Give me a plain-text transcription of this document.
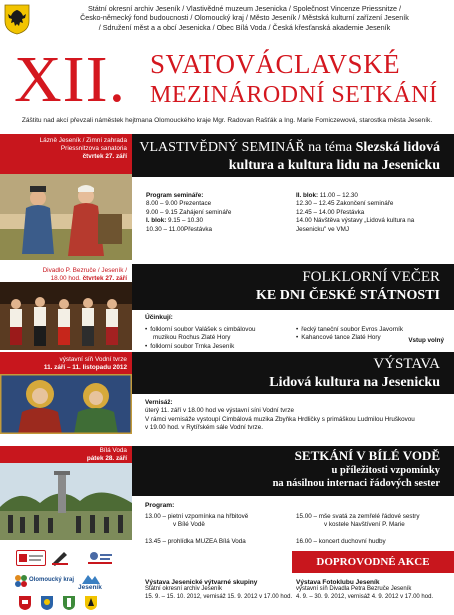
Státní okresní archiv Jeseník / Vlastivědné muzeum Jesenicka / Společnost Vincenze Priessnitze /
Česko-německý fond budoucnosti / Olomoucký kraj / Město Jeseník / Městská kulturní zařízení Jeseník
/ Sdružení měst a a obcí Jesenicka / Obec Bílá Voda / Česká křesťanská akademie Jeseník
XII. SVATOVÁCLAVSKÉ
MEZINÁRODNÍ SETKÁNÍ
Záštitu nad akcí převzali náměstek hejtmana Olomouckého kraje Mgr. Radovan Rašťák a Ing. Marie Fomiczewová, starostka města Jeseník.
Lázně Jeseník / Zimní zahrada
Priessnitzova sanatoria
čtvrtek 27. září
VLASTIVĚDNÝ SEMINÁŘ na téma Slezská lidová
kultura a kultura lidu na Jesenicku
Program semináře:
8.00 – 9.00 Prezentace
9.00 – 9.15 Zahájení semináře
I. blok: 9.15 – 10.30
10.30 – 11.00Přestávka
II. blok: 11.00 – 12.30
12.30 – 12.45 Zakončení semináře
12.45 – 14.00 Přestávka
14.00 Návštěva výstavy „Lidová kultura na
Jesenicku" ve VMJ
Divadlo P. Bezruče / Jeseník /
18.00 hod. čtvrtek 27. září	FOLKLORNÍ VEČER
KE DNI ČESKÉ STÁTNOSTI
Účinkují:
• folklorní soubor Valášek s cimbálovou
muzikou Rochus Zlaté Hory
• folklorní soubor Trnka Jeseník
• řecký taneční soubor Evros Javorník
• Kahancové tance Zlaté Hory	Vstup volný
výstavní síň Vodní tvrze
11. září – 11. listopadu 2012	VÝSTAVA
Lidová kultura na Jesenicku
Vernisáž:
úterý 11. září v 18.00 hod ve výstavní síni Vodní tvrze
V rámci vernisáže vystoupí Cimbálová muzika Zbyňka Hrdličky s primáškou Ludmilou Hruškovou
v 19.00 hod. v Rytířském sále Vodní tvrze.
Bílá Voda
pátek 28. září	SETKÁNÍ V BÍLÉ VODĚ
u příležitosti vzpomínky
na násilnou internaci řádových sester
Program:
13.00 – pietní vzpomínka na hřbitově
v Bílé Vodě
13.45 – prohlídka MUZEA Bílá Voda
15.00 – mše svatá za zemřelé řádové sestry
v kostele Navštívení P. Marie
16.00 – koncert duchovní hudby
Olomoucký kraj
Jeseník
DOPROVODNÉ AKCE
Výstava Jesenické výtvarné skupiny
Státní okresní archiv Jeseník
15. 9. – 15. 10. 2012, vernisáž 15. 9. 2012 v 17.00 hod.
Výstava Fotoklubu Jeseník
výstavní síň Divadla Petra Bezruče Jeseník
4. 9. – 30. 9. 2012, vernisáž 4. 9. 2012 v 17.00 hod.
